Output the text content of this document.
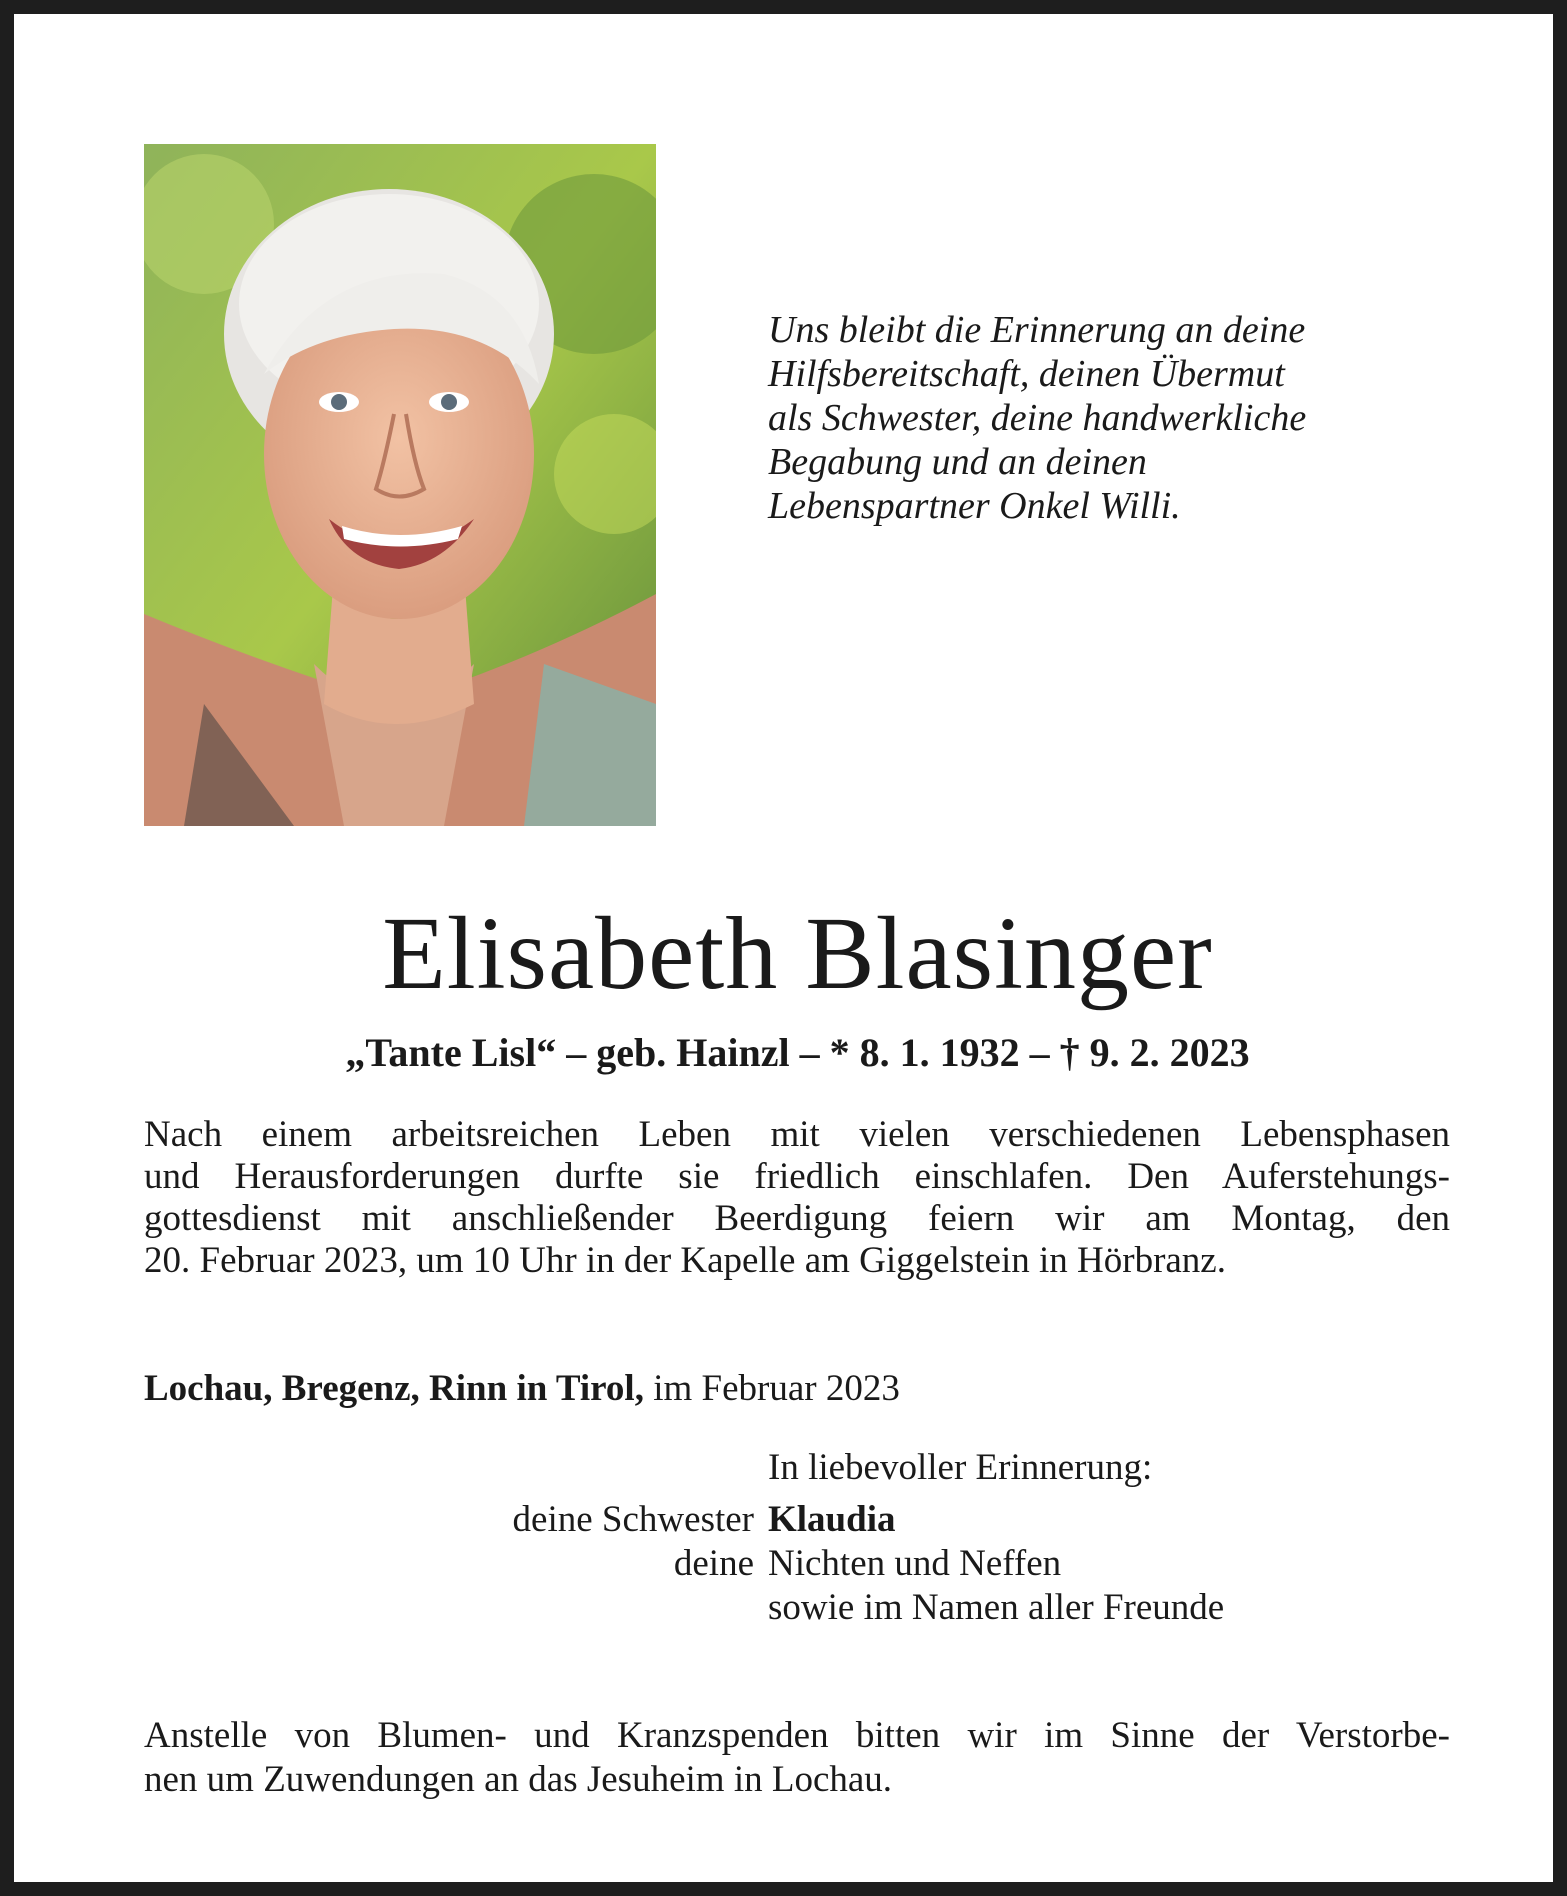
Uns bleibt die Erinnerung an deine
Hilfsbereitschaft, deinen Übermut
als Schwester, deine handwerkliche
Begabung und an deinen
Lebenspartner Onkel Willi.
Elisabeth Blasinger
„Tante Lisl“ – geb. Hainzl – * 8. 1. 1932 – † 9. 2. 2023
Nach einem arbeitsreichen Leben mit vielen verschiedenen Lebensphasen
und Herausforderungen durfte sie friedlich einschlafen. Den Auferstehungs-
gottesdienst mit anschließender Beerdigung feiern wir am Montag, den
20. Februar 2023, um 10 Uhr in der Kapelle am Giggelstein in Hörbranz.
Lochau, Bregenz, Rinn in Tirol, im Februar 2023
In liebevoller Erinnerung:
deine Schwester Klaudia
deine Nichten und Neffen
sowie im Namen aller Freunde
Anstelle von Blumen- und Kranzspenden bitten wir im Sinne der Verstorbe-
nen um Zuwendungen an das Jesuheim in Lochau.
